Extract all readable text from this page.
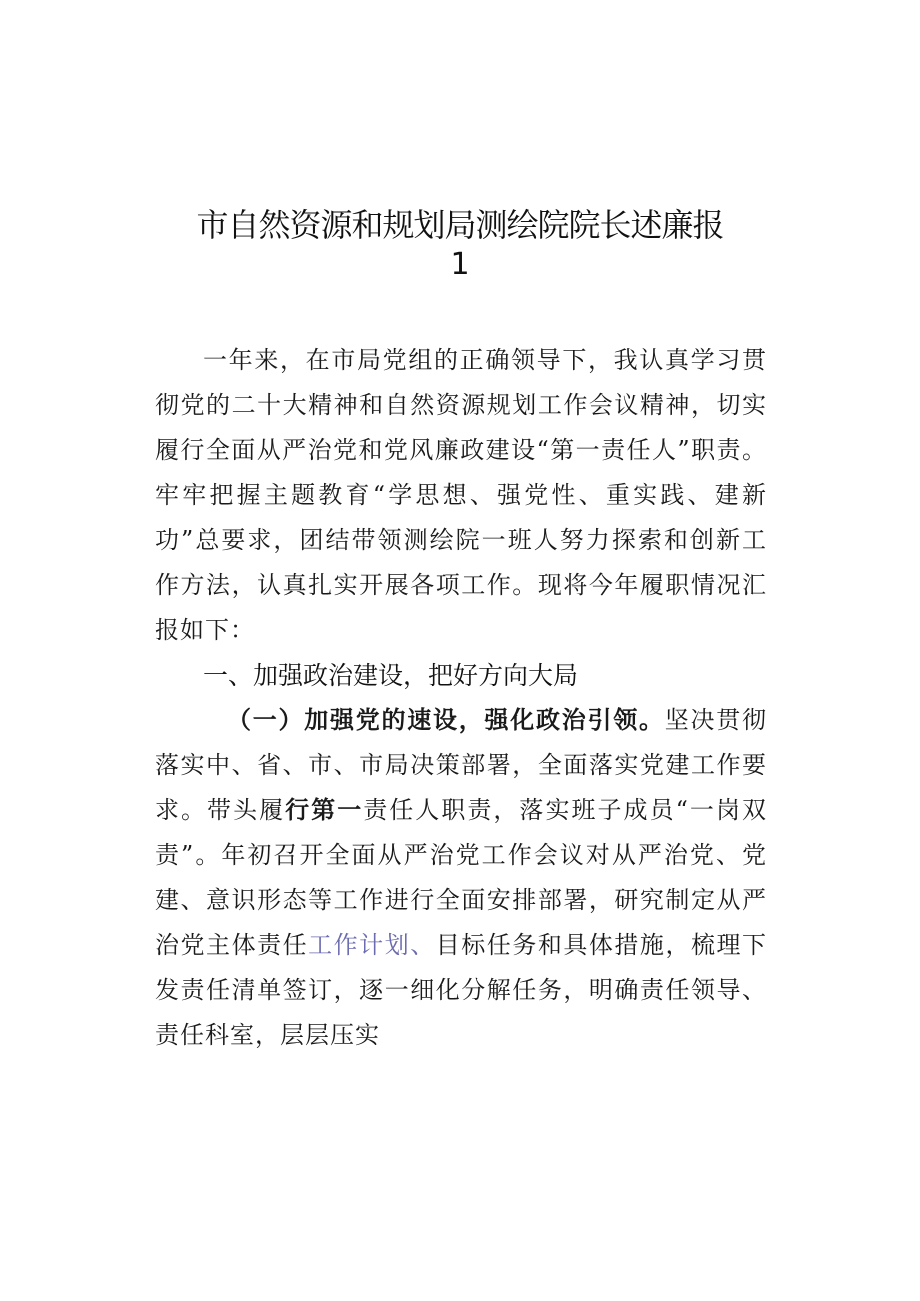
市自然资源和规划局测绘院院长述廉报
1

一年来，在市局党组的正确领导下，我认真学习贯彻党的二十大精神和自然资源规划工作会议精神，切实履行全面从严治党和党风廉政建设“第一责任人”职责。牢牢把握主题教育“学思想、强党性、重实践、建新功”总要求，团结带领测绘院一班人努力探索和创新工作方法，认真扎实开展各项工作。现将今年履职情况汇报如下：

一、加强政治建设，把好方向大局

（一）加强党的速设，强化政治引领。坚决贯彻落实中、省、市、市局决策部署，全面落实党建工作要求。带头履行第一责任人职责，落实班子成员“一岗双责”。年初召开全面从严治党工作会议对从严治党、党建、意识形态等工作进行全面安排部署，研究制定从严治党主体责任工作计划、目标任务和具体措施，梳理下发责任清单签订，逐一细化分解任务，明确责任领导、责任科室，层层压实
